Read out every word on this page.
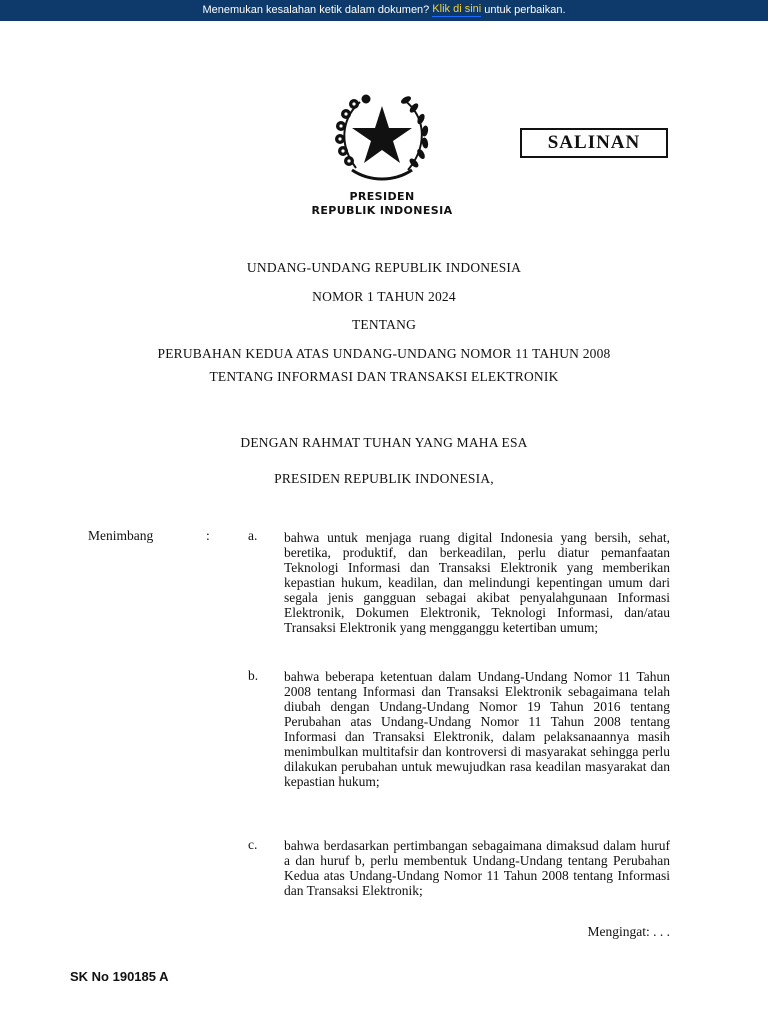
Menemukan kesalahan ketik dalam dokumen? Klik di sini untuk perbaikan.
SALINAN
PRESIDEN
REPUBLIK INDONESIA
UNDANG-UNDANG REPUBLIK INDONESIA
NOMOR 1 TAHUN 2024
TENTANG
PERUBAHAN KEDUA ATAS UNDANG-UNDANG NOMOR 11 TAHUN 2008
TENTANG INFORMASI DAN TRANSAKSI ELEKTRONIK
DENGAN RAHMAT TUHAN YANG MAHA ESA
PRESIDEN REPUBLIK INDONESIA,
Menimbang	:	a. bahwa untuk menjaga ruang digital Indonesia yang bersih, sehat, beretika, produktif, dan berkeadilan, perlu diatur pemanfaatan Teknologi Informasi dan Transaksi Elektronik yang memberikan kepastian hukum, keadilan, dan melindungi kepentingan umum dari segala jenis gangguan sebagai akibat penyalahgunaan Informasi Elektronik, Dokumen Elektronik, Teknologi Informasi, dan/atau Transaksi Elektronik yang mengganggu ketertiban umum;
b. bahwa beberapa ketentuan dalam Undang-Undang Nomor 11 Tahun 2008 tentang Informasi dan Transaksi Elektronik sebagaimana telah diubah dengan Undang-Undang Nomor 19 Tahun 2016 tentang Perubahan atas Undang-Undang Nomor 11 Tahun 2008 tentang Informasi dan Transaksi Elektronik, dalam pelaksanaannya masih menimbulkan multitafsir dan kontroversi di masyarakat sehingga perlu dilakukan perubahan untuk mewujudkan rasa keadilan masyarakat dan kepastian hukum;
c. bahwa berdasarkan pertimbangan sebagaimana dimaksud dalam huruf a dan huruf b, perlu membentuk Undang-Undang tentang Perubahan Kedua atas Undang-Undang Nomor 11 Tahun 2008 tentang Informasi dan Transaksi Elektronik;
Mengingat: . . .
SK No 190185 A
